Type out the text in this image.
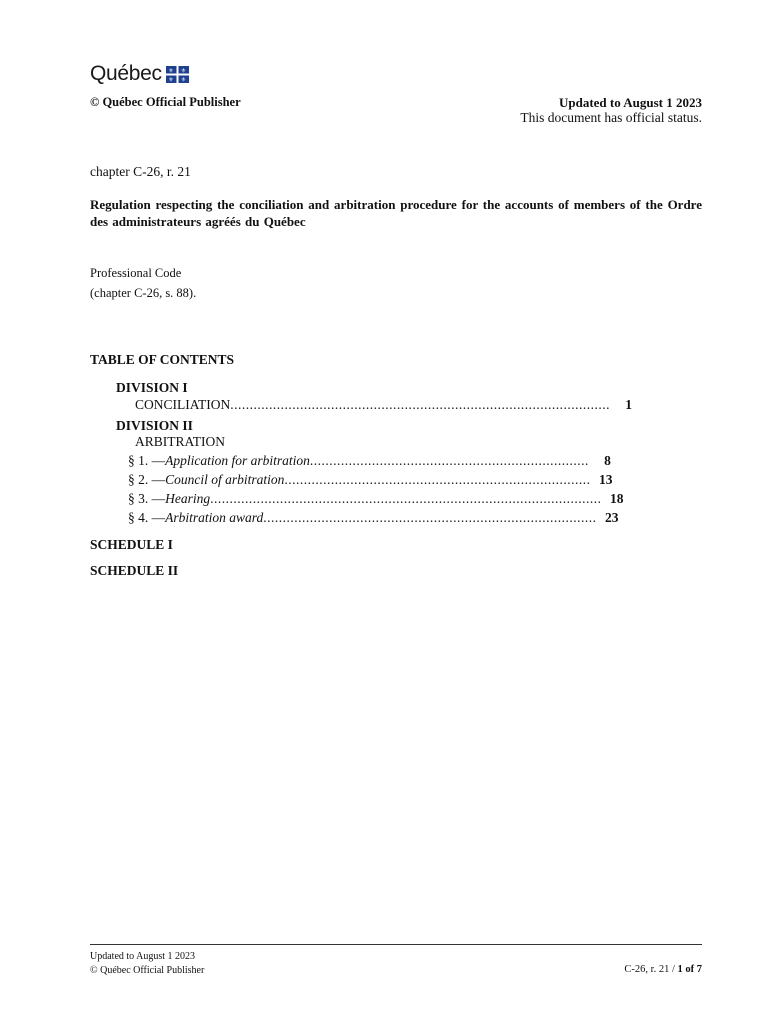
Québec ⚜ ⚜
⚜ ⚜
© Québec Official Publisher	Updated to August 1 2023
This document has official status.
chapter C-26, r. 21
Regulation respecting the conciliation and arbitration procedure for the accounts of members of the Ordre des administrateurs agréés du Québec
Professional Code
(chapter C-26, s. 88).
TABLE OF CONTENTS
DIVISION I
CONCILIATION ..................................................................................................	1
DIVISION II
ARBITRATION
§ 1. — Application for arbitration ........................................................................	8
§ 2. — Council of arbitration ............................................................................... 13
§ 3. — Hearing ..................................................................................................... 18
§ 4. — Arbitration award ...................................................................................... 23
SCHEDULE I
SCHEDULE II
Updated to August 1 2023
© Québec Official Publisher	C-26, r. 21 / 1 of 7
